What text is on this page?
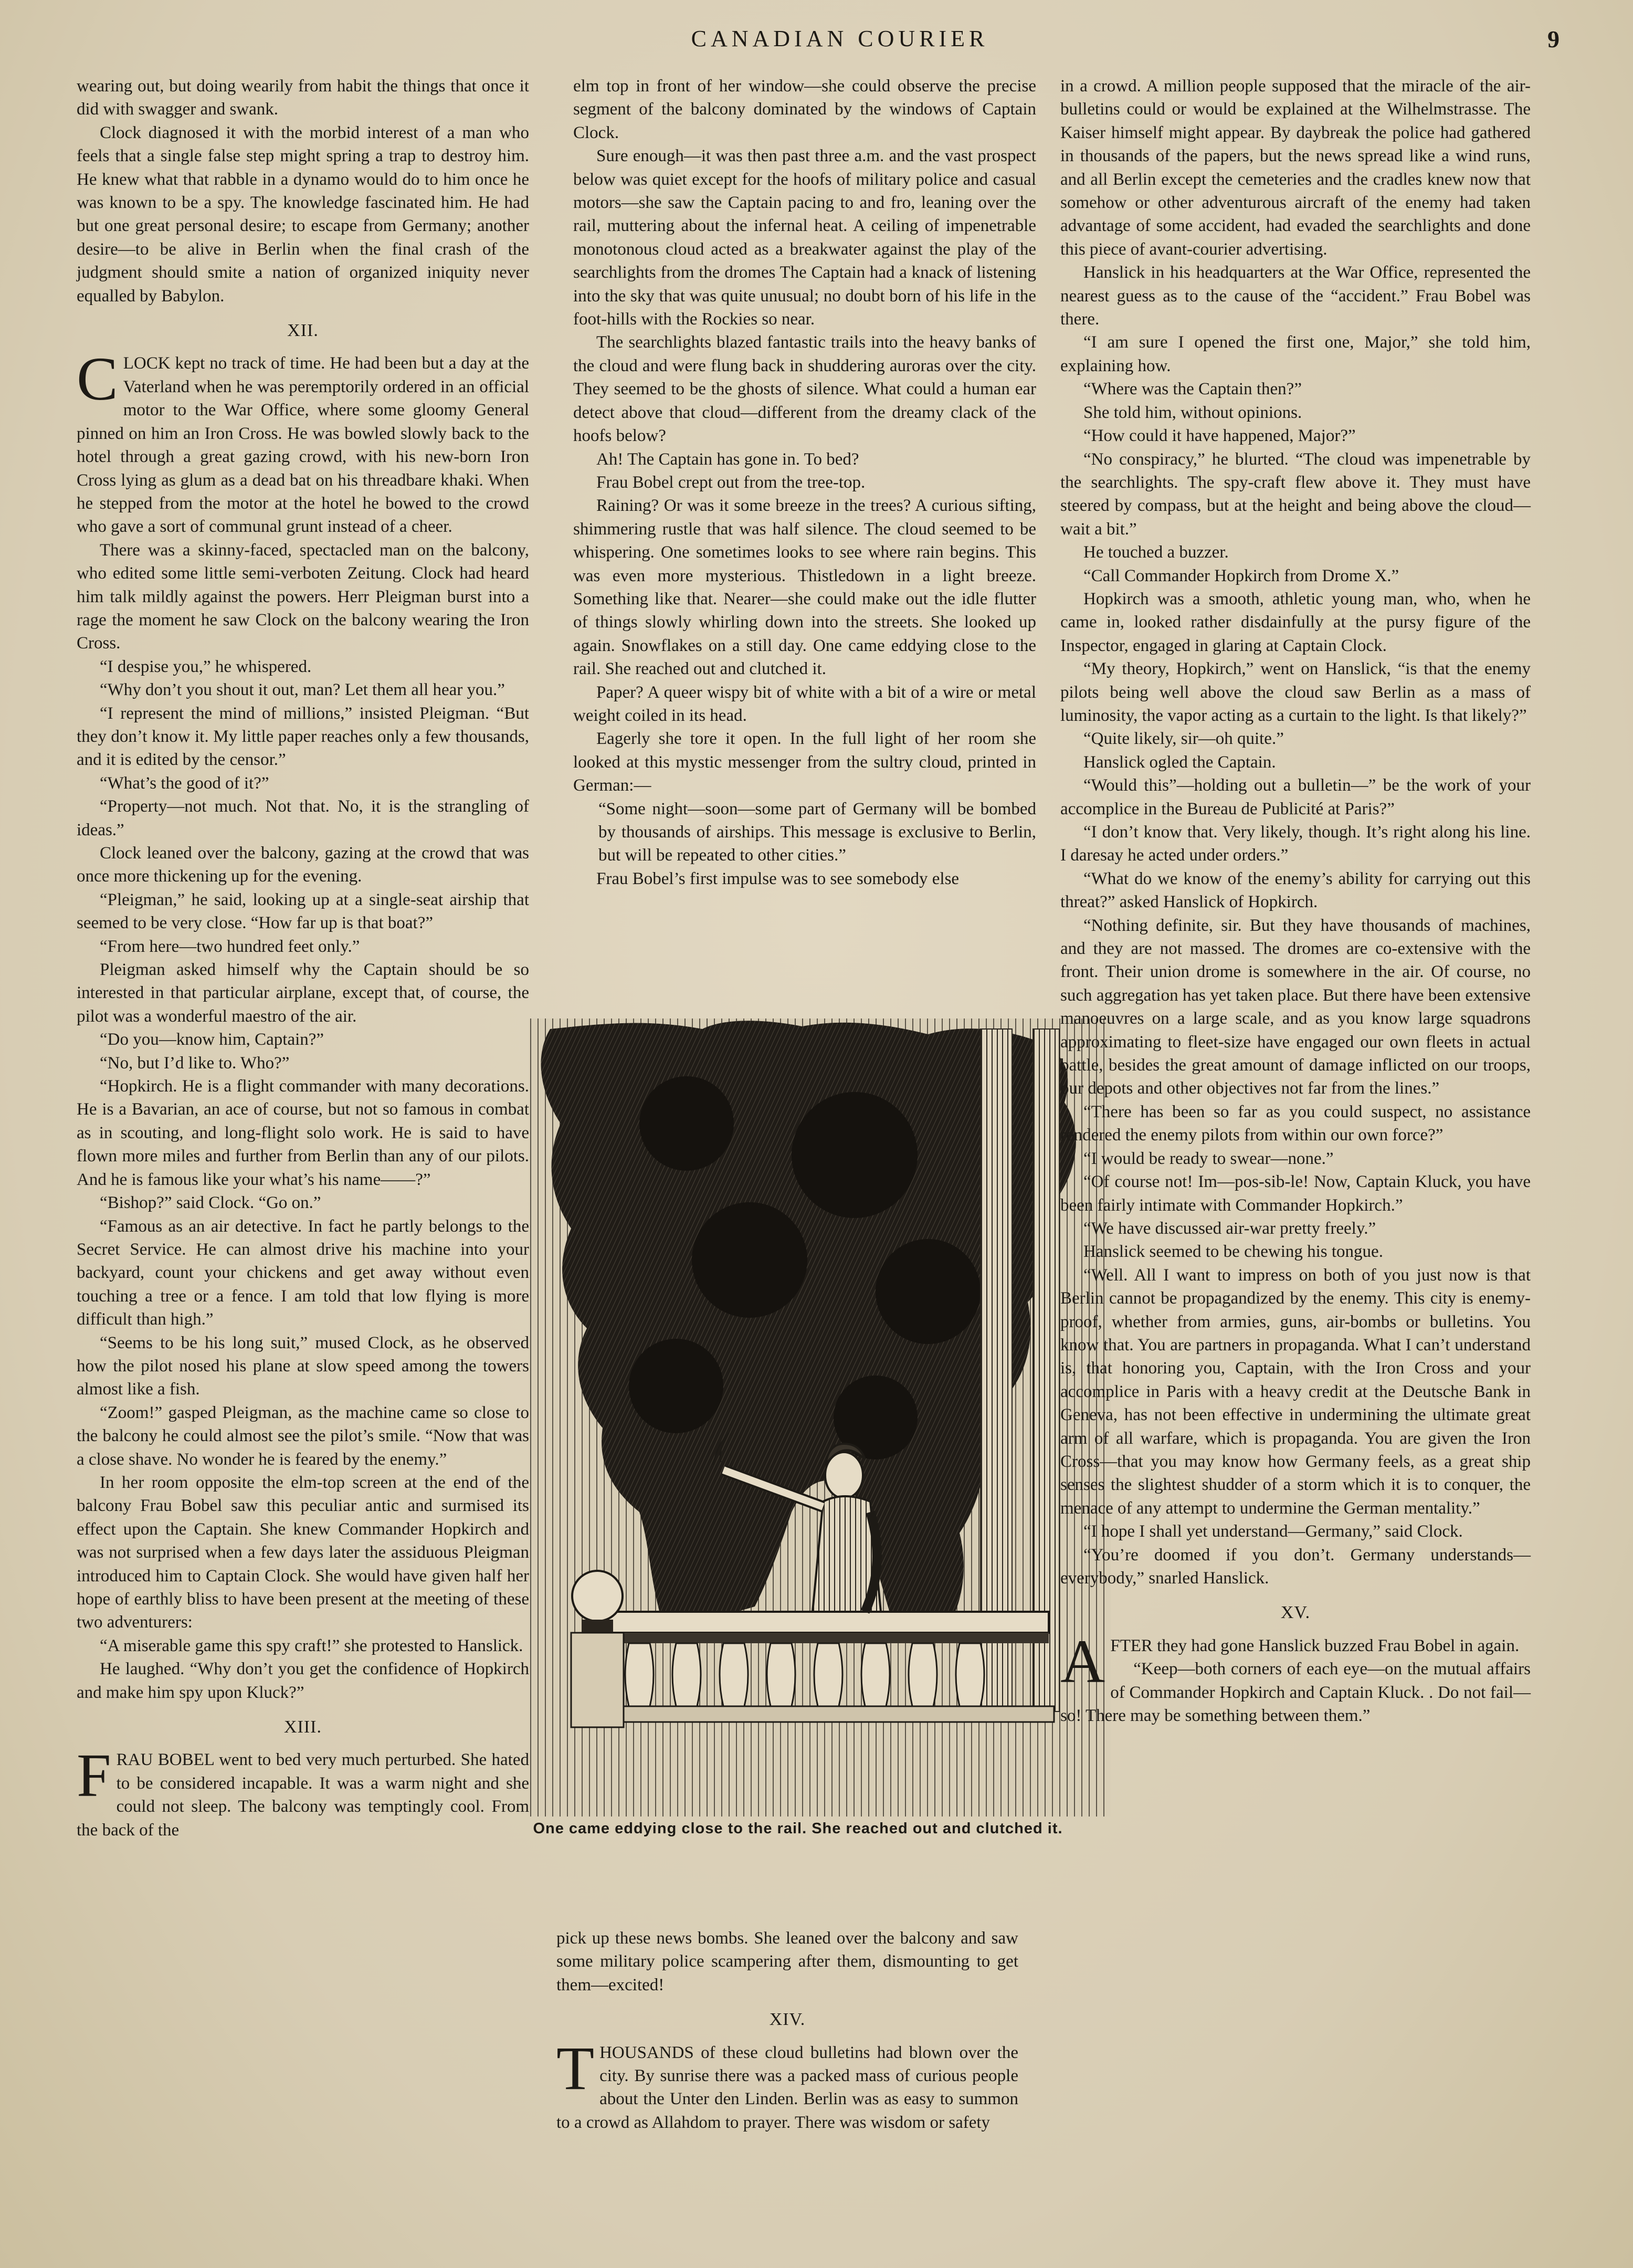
CANADIAN COURIER	9

wearing out, but doing wearily from habit the things that once it did with swagger and swank.

Clock diagnosed it with the morbid interest of a man who feels that a single false step might spring a trap to destroy him. He knew what that rabble in a dynamo would do to him once he was known to be a spy. The knowledge fascinated him. He had but one great personal desire; to escape from Germany; another desire—to be alive in Berlin when the final crash of the judgment should smite a nation of organized iniquity never equalled by Babylon.

XII.

CLOCK kept no track of time. He had been but a day at the Vaterland when he was peremptorily ordered in an official motor to the War Office, where some gloomy General pinned on him an Iron Cross. He was bowled slowly back to the hotel through a great gazing crowd, with his new-born Iron Cross lying as glum as a dead bat on his threadbare khaki. When he stepped from the motor at the hotel he bowed to the crowd who gave a sort of communal grunt instead of a cheer.

There was a skinny-faced, spectacled man on the balcony, who edited some little semi-verboten Zeitung. Clock had heard him talk mildly against the powers. Herr Pleigman burst into a rage the moment he saw Clock on the balcony wearing the Iron Cross.

“I despise you,” he whispered.

“Why don’t you shout it out, man? Let them all hear you.”

“I represent the mind of millions,” insisted Pleigman. “But they don’t know it. My little paper reaches only a few thousands, and it is edited by the censor.”

“What’s the good of it?”

“Property—not much. Not that. No, it is the strangling of ideas.”

Clock leaned over the balcony, gazing at the crowd that was once more thickening up for the evening.

“Pleigman,” he said, looking up at a single-seat airship that seemed to be very close. “How far up is that boat?”

“From here—two hundred feet only.”

Pleigman asked himself why the Captain should be so interested in that particular airplane, except that, of course, the pilot was a wonderful maestro of the air.

“Do you—know him, Captain?”

“No, but I’d like to. Who?”

“Hopkirch. He is a flight commander with many decorations. He is a Bavarian, an ace of course, but not so famous in combat as in scouting, and long-flight solo work. He is said to have flown more miles and further from Berlin than any of our pilots. And he is famous like your what’s his name——?”

“Bishop?” said Clock. “Go on.”

“Famous as an air detective. In fact he partly belongs to the Secret Service. He can almost drive his machine into your backyard, count your chickens and get away without even touching a tree or a fence. I am told that low flying is more difficult than high.”

“Seems to be his long suit,” mused Clock, as he observed how the pilot nosed his plane at slow speed among the towers almost like a fish.

“Zoom!” gasped Pleigman, as the machine came so close to the balcony he could almost see the pilot’s smile. “Now that was a close shave. No wonder he is feared by the enemy.”

In her room opposite the elm-top screen at the end of the balcony Frau Bobel saw this peculiar antic and surmised its effect upon the Captain. She knew Commander Hopkirch and was not surprised when a few days later the assiduous Pleigman introduced him to Captain Clock. She would have given half her hope of earthly bliss to have been present at the meeting of these two adventurers:

“A miserable game this spy craft!” she protested to Hanslick.

He laughed. “Why don’t you get the confidence of Hopkirch and make him spy upon Kluck?”

XIII.

FRAU BOBEL went to bed very much perturbed. She hated to be considered incapable. It was a warm night and she could not sleep. The balcony was temptingly cool. From the back of the

elm top in front of her window—she could observe the precise segment of the balcony dominated by the windows of Captain Clock.

Sure enough—it was then past three a.m. and the vast prospect below was quiet except for the hoofs of military police and casual motors—she saw the Captain pacing to and fro, leaning over the rail, muttering about the infernal heat. A ceiling of impenetrable monotonous cloud acted as a breakwater against the play of the searchlights from the dromes The Captain had a knack of listening into the sky that was quite unusual; no doubt born of his life in the foot-hills with the Rockies so near.

The searchlights blazed fantastic trails into the heavy banks of the cloud and were flung back in shuddering auroras over the city. They seemed to be the ghosts of silence. What could a human ear detect above that cloud—different from the dreamy clack of the hoofs below?

Ah! The Captain has gone in. To bed?

Frau Bobel crept out from the tree-top.

Raining? Or was it some breeze in the trees? A curious sifting, shimmering rustle that was half silence. The cloud seemed to be whispering. One sometimes looks to see where rain begins. This was even more mysterious. Thistledown in a light breeze. Something like that. Nearer—she could make out the idle flutter of things slowly whirling down into the streets. She looked up again. Snowflakes on a still day. One came eddying close to the rail. She reached out and clutched it.

Paper? A queer wispy bit of white with a bit of a wire or metal weight coiled in its head.

Eagerly she tore it open. In the full light of her room she looked at this mystic messenger from the sultry cloud, printed in German:—

“Some night—soon—some part of Germany will be bombed by thousands of airships. This message is exclusive to Berlin, but will be repeated to other cities.”

Frau Bobel’s first impulse was to see somebody else

One came eddying close to the rail. She reached out and clutched it.

pick up these news bombs. She leaned over the balcony and saw some military police scampering after them, dismounting to get them—excited!

XIV.

THOUSANDS of these cloud bulletins had blown over the city. By sunrise there was a packed mass of curious people about the Unter den Linden. Berlin was as easy to summon to a crowd as Allahdom to prayer. There was wisdom or safety

in a crowd. A million people supposed that the miracle of the air-bulletins could or would be explained at the Wilhelmstrasse. The Kaiser himself might appear. By daybreak the police had gathered in thousands of the papers, but the news spread like a wind runs, and all Berlin except the cemeteries and the cradles knew now that somehow or other adventurous aircraft of the enemy had taken advantage of some accident, had evaded the searchlights and done this piece of avant-courier advertising.

Hanslick in his headquarters at the War Office, represented the nearest guess as to the cause of the “accident.” Frau Bobel was there.

“I am sure I opened the first one, Major,” she told him, explaining how.

“Where was the Captain then?”

She told him, without opinions.

“How could it have happened, Major?”

“No conspiracy,” he blurted. “The cloud was impenetrable by the searchlights. The spy-craft flew above it. They must have steered by compass, but at the height and being above the cloud—wait a bit.”

He touched a buzzer.

“Call Commander Hopkirch from Drome X.”

Hopkirch was a smooth, athletic young man, who, when he came in, looked rather disdainfully at the pursy figure of the Inspector, engaged in glaring at Captain Clock.

“My theory, Hopkirch,” went on Hanslick, “is that the enemy pilots being well above the cloud saw Berlin as a mass of luminosity, the vapor acting as a curtain to the light. Is that likely?”

“Quite likely, sir—oh quite.”

Hanslick ogled the Captain.

“Would this”—holding out a bulletin—” be the work of your accomplice in the Bureau de Publicité at Paris?”

“I don’t know that. Very likely, though. It’s right along his line. I daresay he acted under orders.”

“What do we know of the enemy’s ability for carrying out this threat?” asked Hanslick of Hopkirch.

“Nothing definite, sir. But they have thousands of machines, and they are not massed. The dromes are co-extensive with the front. Their union drome is somewhere in the air. Of course, no such aggregation has yet taken place. But there have been extensive manoeuvres on a large scale, and as you know large squadrons approximating to fleet-size have engaged our own fleets in actual battle, besides the great amount of damage inflicted on our troops, our depots and other objectives not far from the lines.”

“There has been so far as you could suspect, no assistance rendered the enemy pilots from within our own force?”

“I would be ready to swear—none.”

“Of course not! Im—pos-sib-le! Now, Captain Kluck, you have been fairly intimate with Commander Hopkirch.”

“We have discussed air-war pretty freely.”

Hanslick seemed to be chewing his tongue.

“Well. All I want to impress on both of you just now is that Berlin cannot be propagandized by the enemy. This city is enemy-proof, whether from armies, guns, air-bombs or bulletins. You know that. You are partners in propaganda. What I can’t understand is, that honoring you, Captain, with the Iron Cross and your accomplice in Paris with a heavy credit at the Deutsche Bank in Geneva, has not been effective in undermining the ultimate great arm of all warfare, which is propaganda. You are given the Iron Cross—that you may know how Germany feels, as a great ship senses the slightest shudder of a storm which it is to conquer, the menace of any attempt to undermine the German mentality.”

“I hope I shall yet understand—Germany,” said Clock.

“You’re doomed if you don’t. Germany understands—everybody,” snarled Hanslick.

XV.

AFTER they had gone Hanslick buzzed Frau Bobel in again.

“Keep—both corners of each eye—on the mutual affairs of Commander Hopkirch and Captain Kluck. . Do not fail—so! There may be something between them.”
